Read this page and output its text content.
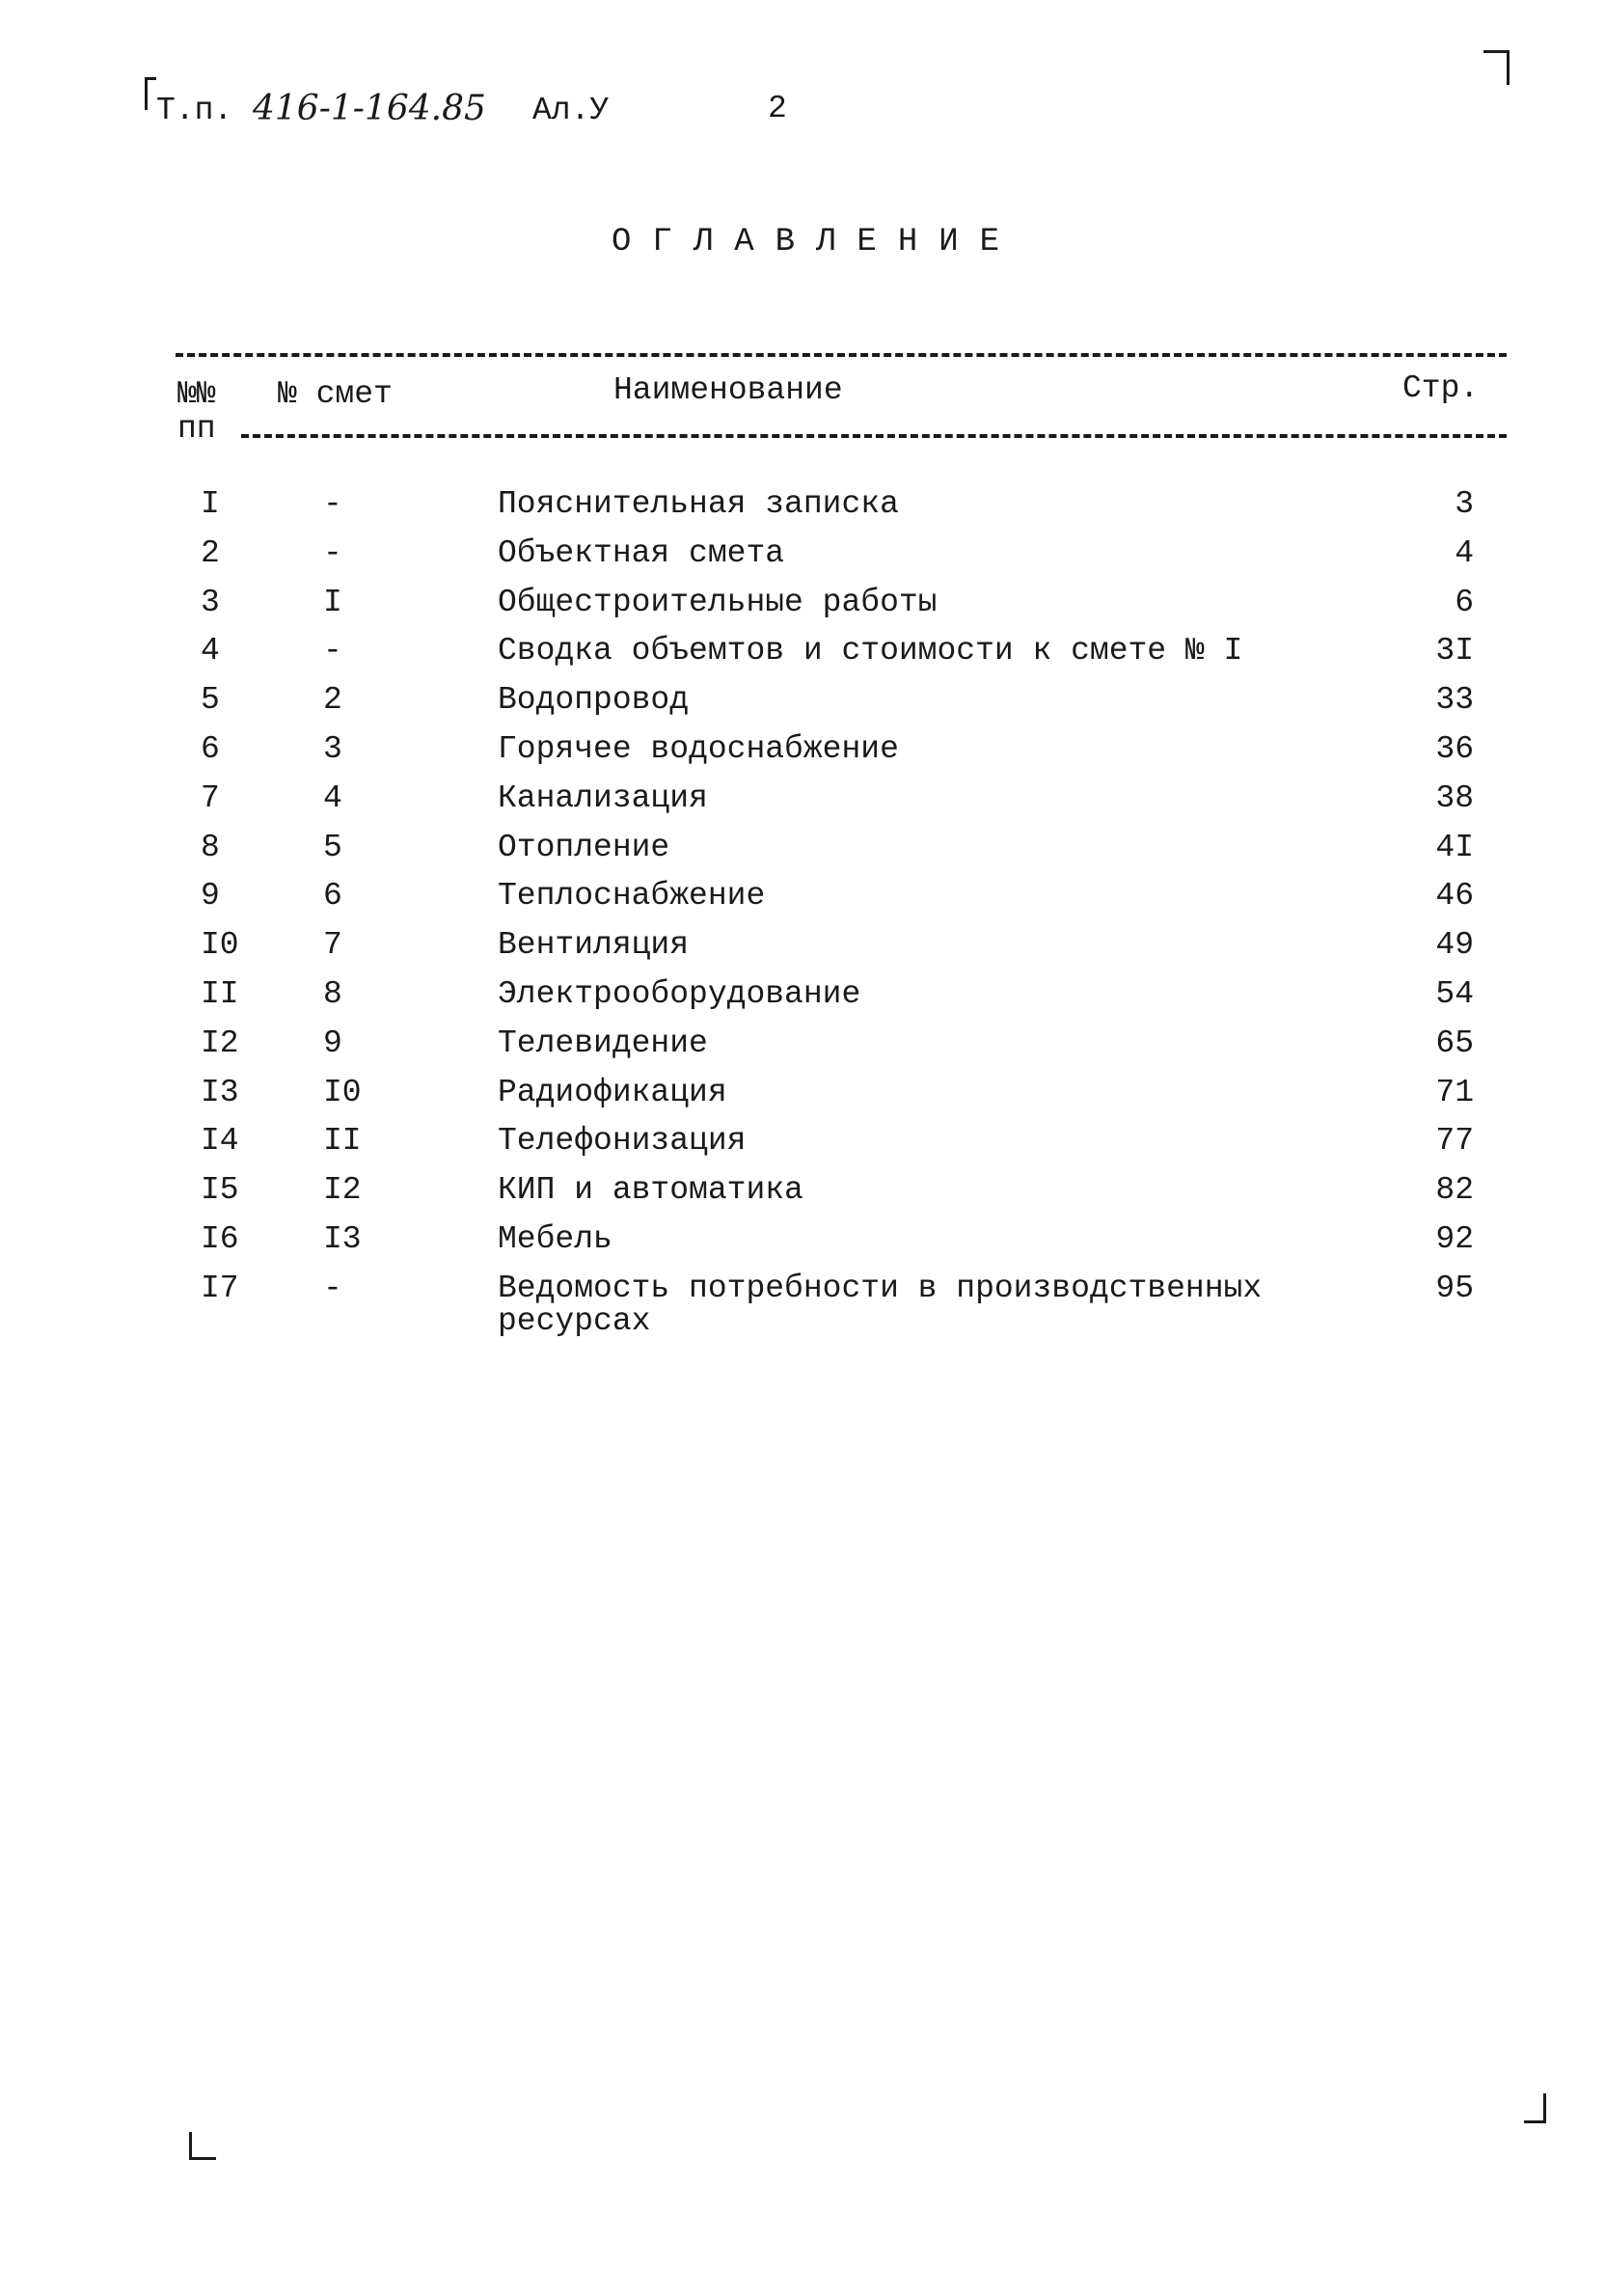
Т.п. 416-1-164.85 Ал.У	2
ОГЛАВЛЕНИЕ
№№
пп
№ смет	Наименование	Стр.
I	-	Пояснительная записка	3
2	-	Объектная смета	4
3	I	Общестроительные работы	6
4	-	Сводка объемтов и стоимости к смете № I	3I
5	2	Водопровод	33
6	3	Горячее водоснабжение	36
7	4	Канализация	38
8	5	Отопление	4I
9	6	Теплоснабжение	46
I0	7	Вентиляция	49
II	8	Электрооборудование	54
I2	9	Телевидение	65
I3	I0	Радиофикация	71
I4	II	Телефонизация	77
I5	I2	КИП и автоматика	82
I6	I3	Мебель	92
I7	-	Ведомость потребности в производственных	95
ресурсах
